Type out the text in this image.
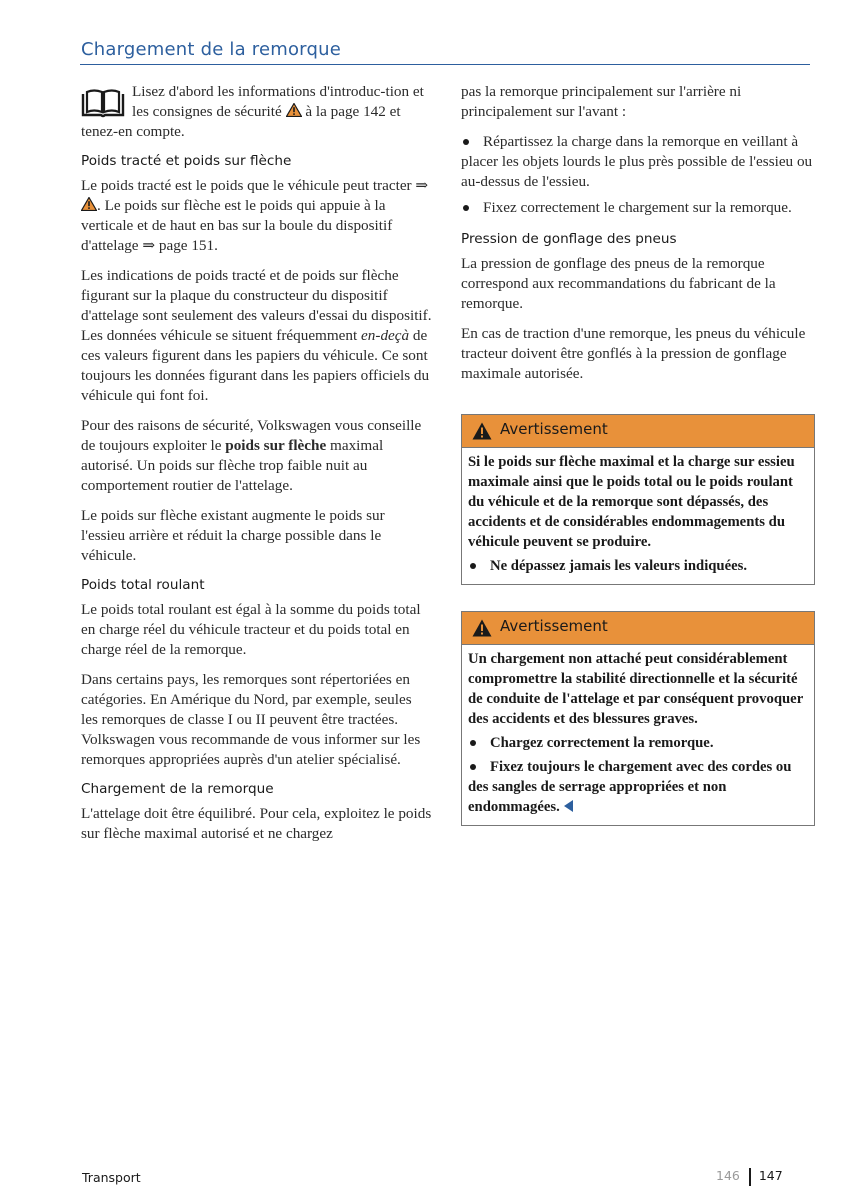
Chargement de la remorque

Lisez d'abord les informations d'introduc-tion et les consignes de sécurité à la page 142 et tenez-en compte.

Poids tracté et poids sur flèche

Le poids tracté est le poids que le véhicule peut tracter ⇒ . Le poids sur flèche est le poids qui appuie à la verticale et de haut en bas sur la boule du dispositif d'attelage ⇒ page 151.

Les indications de poids tracté et de poids sur flèche figurant sur la plaque du constructeur du dispositif d'attelage sont seulement des valeurs d'essai du dispositif. Les données véhicule se situent fréquemment en-deçà de ces valeurs figurent dans les papiers du véhicule. Ce sont toujours les données figurant dans les papiers officiels du véhicule qui font foi.

Pour des raisons de sécurité, Volkswagen vous conseille de toujours exploiter le poids sur flèche maximal autorisé. Un poids sur flèche trop faible nuit au comportement routier de l'attelage.

Le poids sur flèche existant augmente le poids sur l'essieu arrière et réduit la charge possible dans le véhicule.

Poids total roulant

Le poids total roulant est égal à la somme du poids total en charge réel du véhicule tracteur et du poids total en charge réel de la remorque.

Dans certains pays, les remorques sont répertoriées en catégories. En Amérique du Nord, par exemple, seules les remorques de classe I ou II peuvent être tractées. Volkswagen vous recommande de vous informer sur les remorques appropriées auprès d'un atelier spécialisé.

Chargement de la remorque

L'attelage doit être équilibré. Pour cela, exploitez le poids sur flèche maximal autorisé et ne chargez

pas la remorque principalement sur l'arrière ni principalement sur l'avant :

Répartissez la charge dans la remorque en veillant à placer les objets lourds le plus près possible de l'essieu ou au-dessus de l'essieu.

Fixez correctement le chargement sur la remorque.

Pression de gonflage des pneus

La pression de gonflage des pneus de la remorque correspond aux recommandations du fabricant de la remorque.

En cas de traction d'une remorque, les pneus du véhicule tracteur doivent être gonflés à la pression de gonflage maximale autorisée.

Avertissement

Si le poids sur flèche maximal et la charge sur essieu maximale ainsi que le poids total ou le poids roulant du véhicule et de la remorque sont dépassés, des accidents et de considérables endommagements du véhicule peuvent se produire.

Ne dépassez jamais les valeurs indiquées.

Avertissement

Un chargement non attaché peut considérablement compromettre la stabilité directionnelle et la sécurité de conduite de l'attelage et par conséquent provoquer des accidents et des blessures graves.

Chargez correctement la remorque.

Fixez toujours le chargement avec des cordes ou des sangles de serrage appropriées et non endommagées.

Transport	146 147
